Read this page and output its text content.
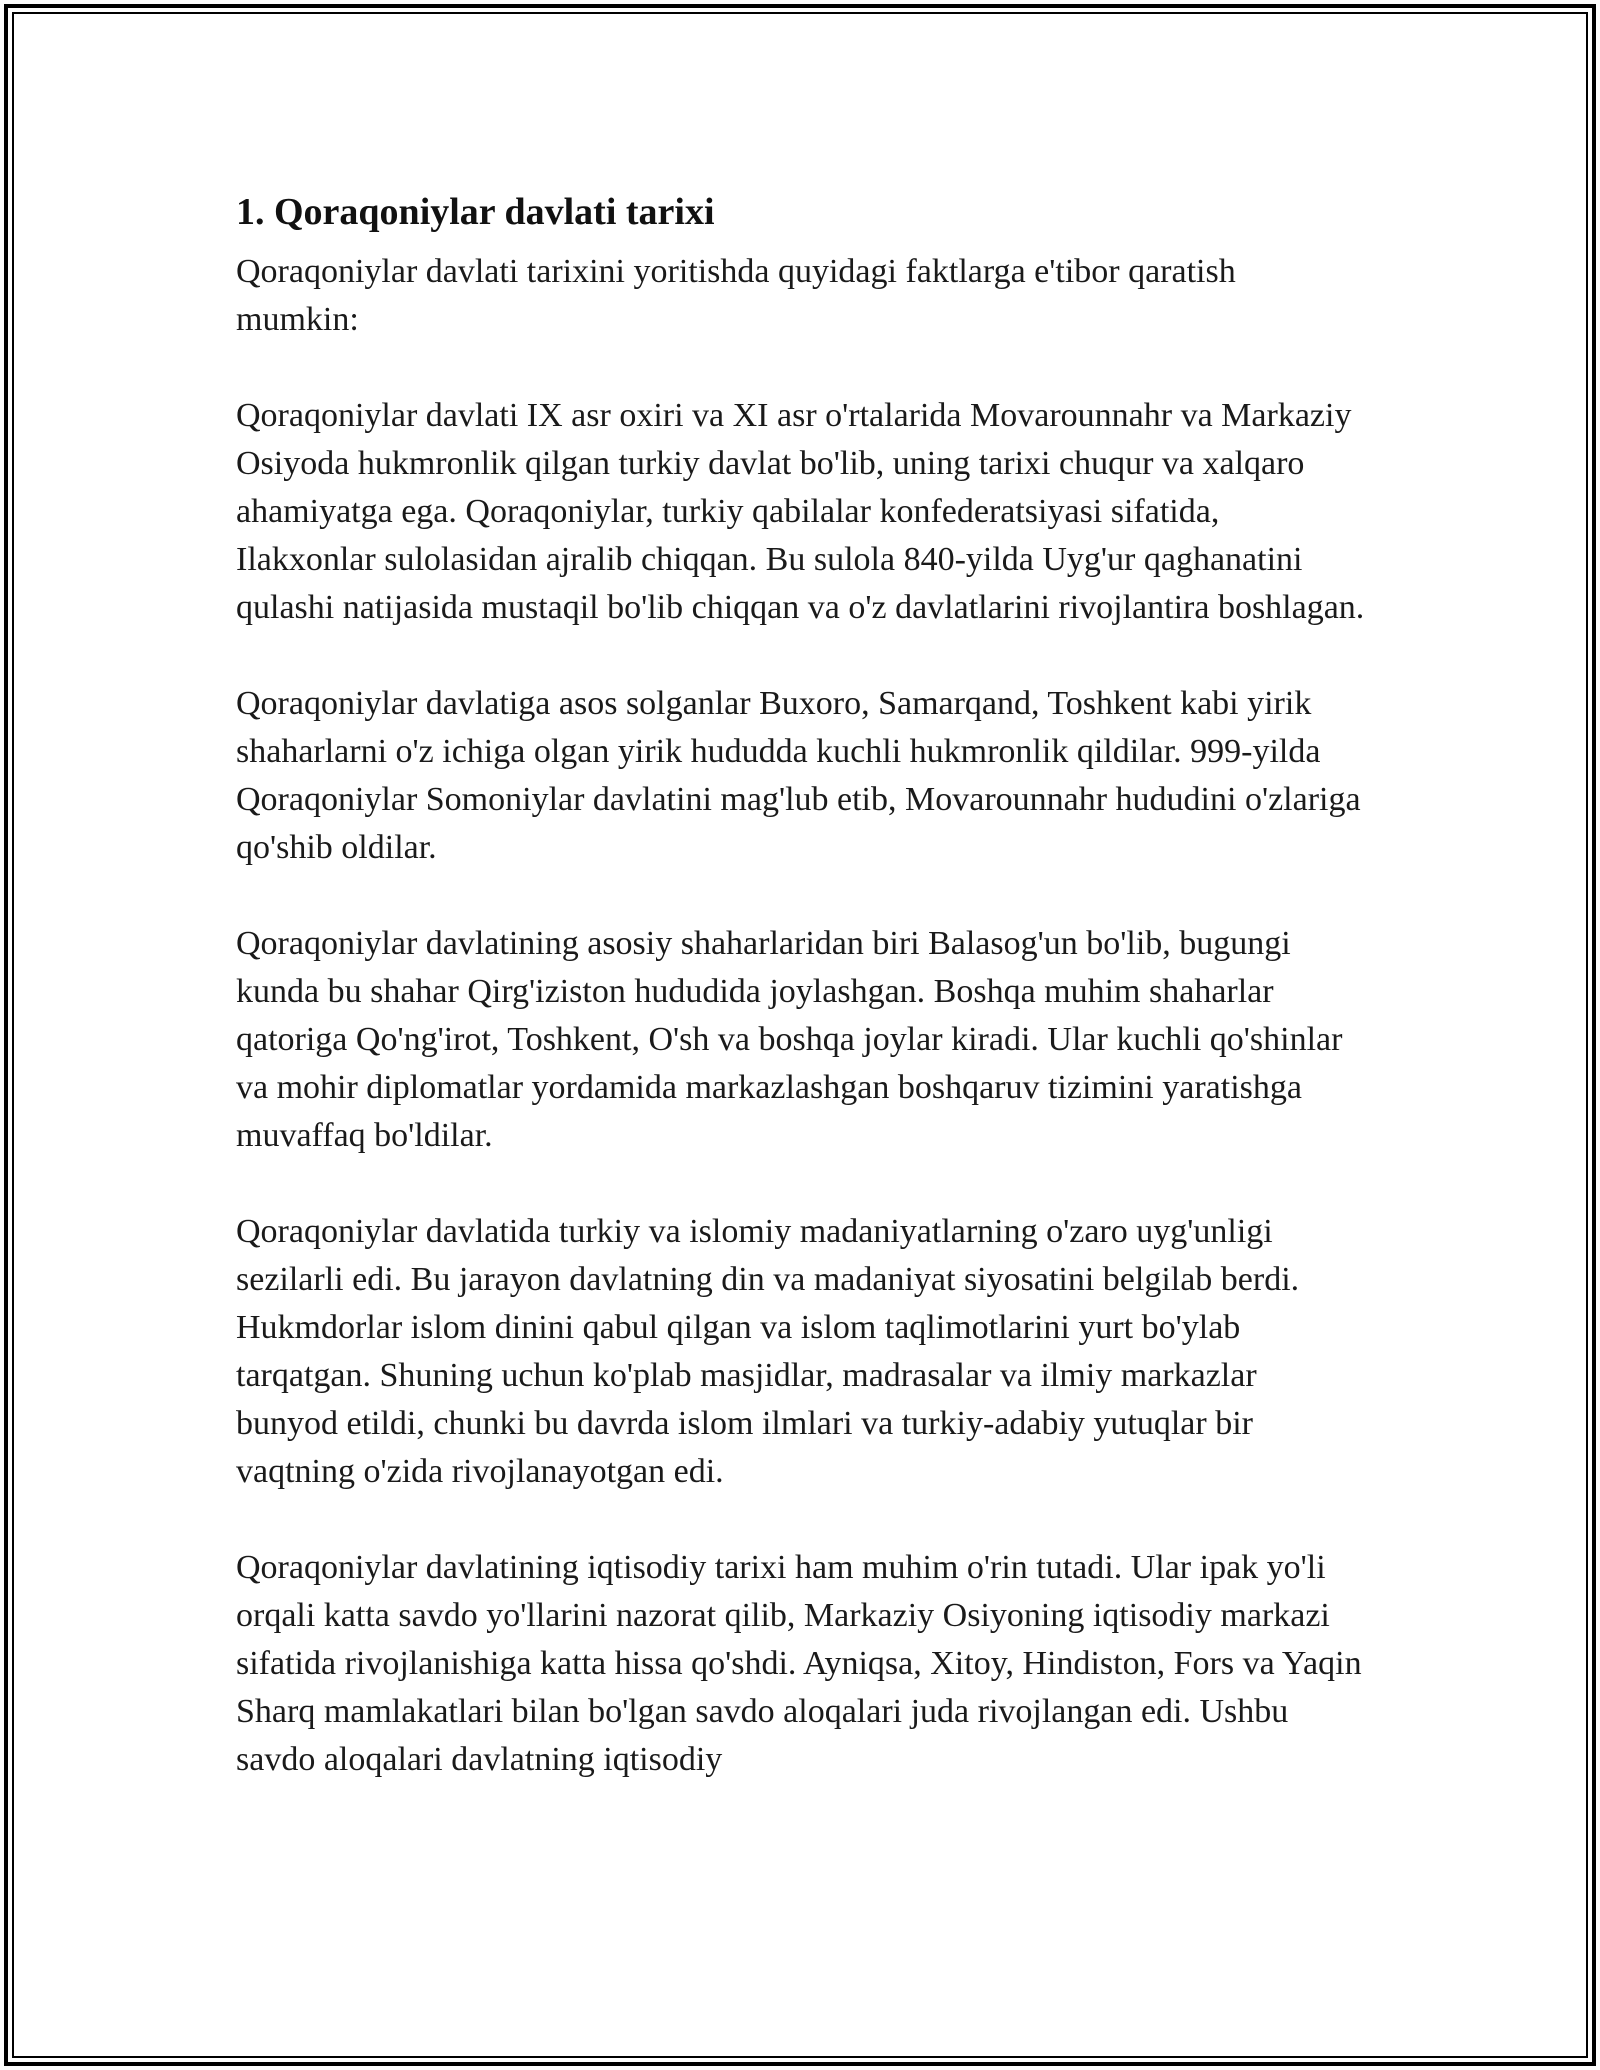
1. Qoraqoniylar davlati tarixi

Qoraqoniylar davlati tarixini yoritishda quyidagi faktlarga e'tibor qaratish mumkin:

Qoraqoniylar davlati IX asr oxiri va XI asr o'rtalarida Movarounnahr va Markaziy Osiyoda hukmronlik qilgan turkiy davlat bo'lib, uning tarixi chuqur va xalqaro ahamiyatga ega. Qoraqoniylar, turkiy qabilalar konfederatsiyasi sifatida, Ilakxonlar sulolasidan ajralib chiqqan. Bu sulola 840-yilda Uyg'ur qaghanatini qulashi natijasida mustaqil bo'lib chiqqan va o'z davlatlarini rivojlantira boshlagan.

Qoraqoniylar davlatiga asos solganlar Buxoro, Samarqand, Toshkent kabi yirik shaharlarni o'z ichiga olgan yirik hududda kuchli hukmronlik qildilar. 999-yilda Qoraqoniylar Somoniylar davlatini mag'lub etib, Movarounnahr hududini o'zlariga qo'shib oldilar.

Qoraqoniylar davlatining asosiy shaharlaridan biri Balasog'un bo'lib, bugungi kunda bu shahar Qirg'iziston hududida joylashgan. Boshqa muhim shaharlar qatoriga Qo'ng'irot, Toshkent, O'sh va boshqa joylar kiradi. Ular kuchli qo'shinlar va mohir diplomatlar yordamida markazlashgan boshqaruv tizimini yaratishga muvaffaq bo'ldilar.

Qoraqoniylar davlatida turkiy va islomiy madaniyatlarning o'zaro uyg'unligi sezilarli edi. Bu jarayon davlatning din va madaniyat siyosatini belgilab berdi. Hukmdorlar islom dinini qabul qilgan va islom taqlimotlarini yurt bo'ylab tarqatgan. Shuning uchun ko'plab masjidlar, madrasalar va ilmiy markazlar bunyod etildi, chunki bu davrda islom ilmlari va turkiy-adabiy yutuqlar bir vaqtning o'zida rivojlanayotgan edi.

Qoraqoniylar davlatining iqtisodiy tarixi ham muhim o'rin tutadi. Ular ipak yo'li orqali katta savdo yo'llarini nazorat qilib, Markaziy Osiyoning iqtisodiy markazi sifatida rivojlanishiga katta hissa qo'shdi. Ayniqsa, Xitoy, Hindiston, Fors va Yaqin Sharq mamlakatlari bilan bo'lgan savdo aloqalari juda rivojlangan edi. Ushbu savdo aloqalari davlatning iqtisodiy
